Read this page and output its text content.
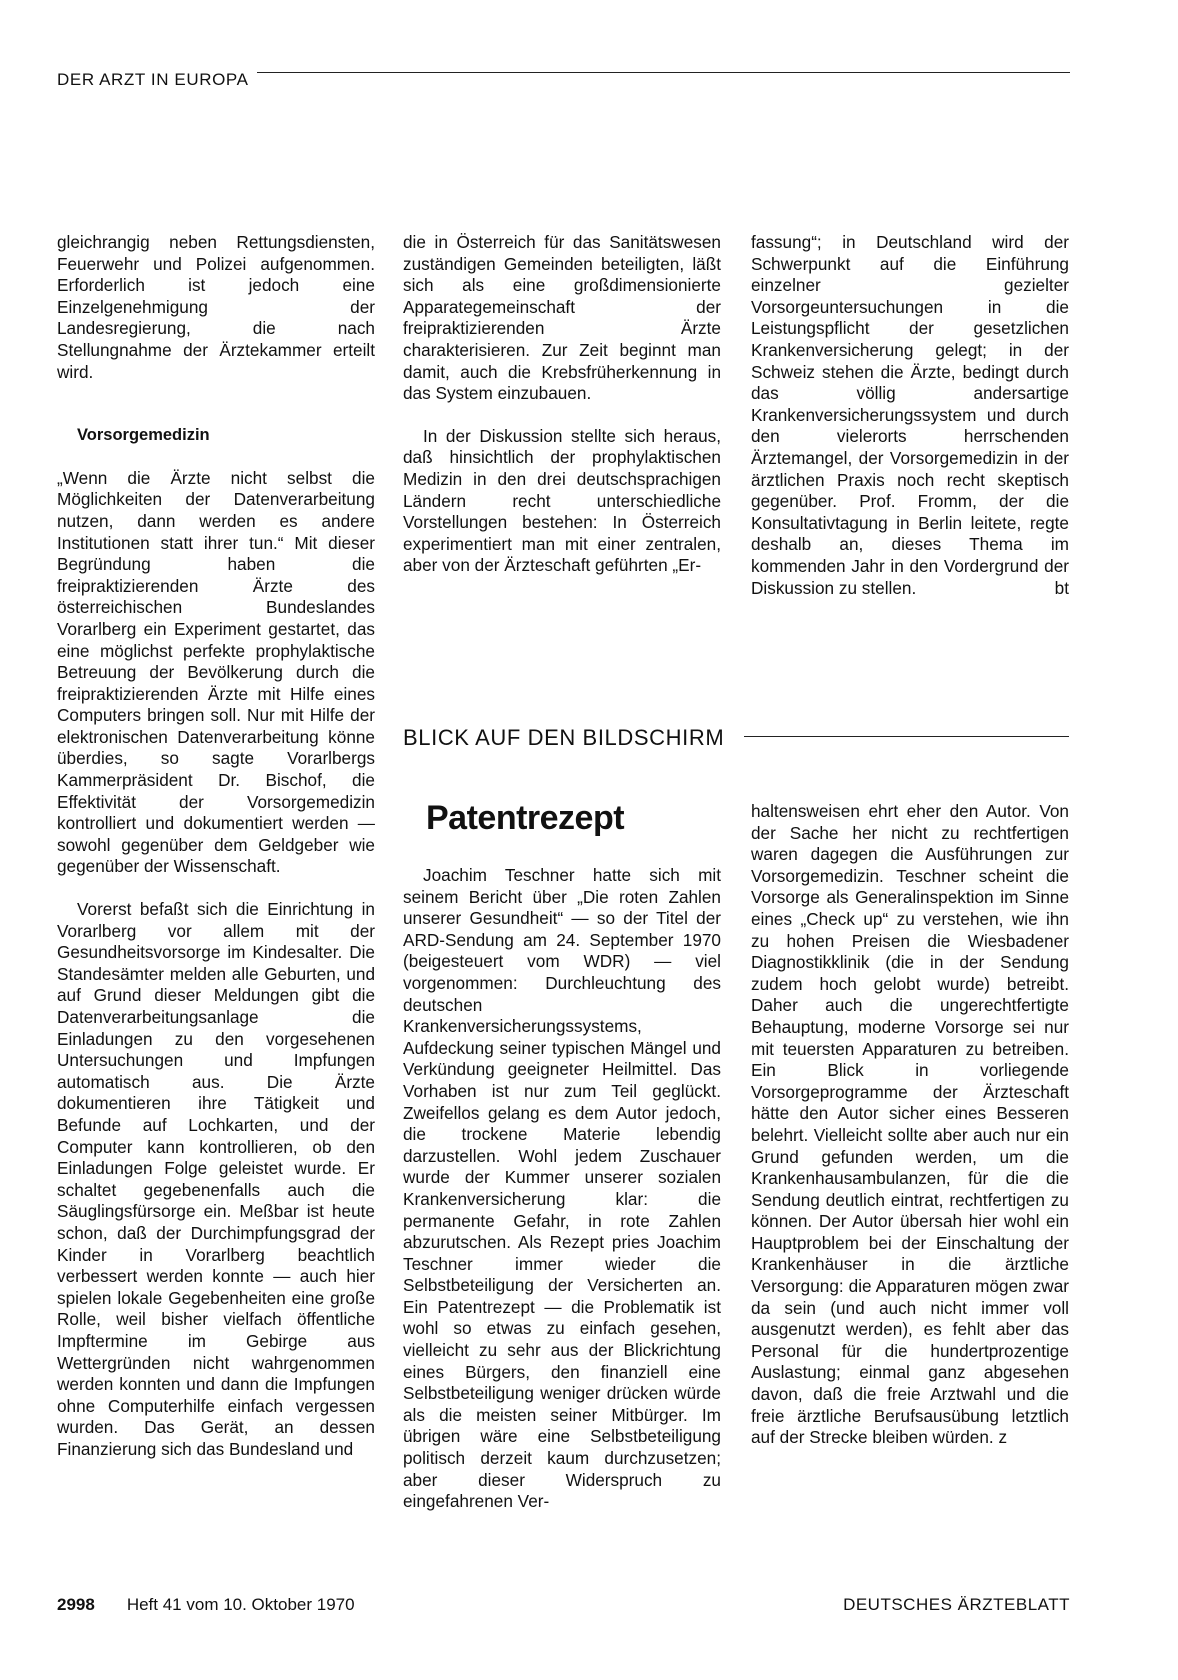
DER ARZT IN EUROPA

gleichrangig neben Rettungsdiensten, Feuerwehr und Polizei aufgenommen. Erforderlich ist jedoch eine Einzelgenehmigung der Landesregierung, die nach Stellungnahme der Ärztekammer erteilt wird.

Vorsorgemedizin

„Wenn die Ärzte nicht selbst die Möglichkeiten der Datenverarbeitung nutzen, dann werden es andere Institutionen statt ihrer tun.“ Mit dieser Begründung haben die freipraktizierenden Ärzte des österreichischen Bundeslandes Vorarlberg ein Experiment gestartet, das eine möglichst perfekte prophylaktische Betreuung der Bevölkerung durch die freipraktizierenden Ärzte mit Hilfe eines Computers bringen soll. Nur mit Hilfe der elektronischen Datenverarbeitung könne überdies, so sagte Vorarlbergs Kammerpräsident Dr. Bischof, die Effektivität der Vorsorgemedizin kontrolliert und dokumentiert werden — sowohl gegenüber dem Geldgeber wie gegenüber der Wissenschaft.

Vorerst befaßt sich die Einrichtung in Vorarlberg vor allem mit der Gesundheitsvorsorge im Kindesalter. Die Standesämter melden alle Geburten, und auf Grund dieser Meldungen gibt die Datenverarbeitungsanlage die Einladungen zu den vorgesehenen Untersuchungen und Impfungen automatisch aus. Die Ärzte dokumentieren ihre Tätigkeit und Befunde auf Lochkarten, und der Computer kann kontrollieren, ob den Einladungen Folge geleistet wurde. Er schaltet gegebenenfalls auch die Säuglingsfürsorge ein. Meßbar ist heute schon, daß der Durchimpfungsgrad der Kinder in Vorarlberg beachtlich verbessert werden konnte — auch hier spielen lokale Gegebenheiten eine große Rolle, weil bisher vielfach öffentliche Impftermine im Gebirge aus Wettergründen nicht wahrgenommen werden konnten und dann die Impfungen ohne Computerhilfe einfach vergessen wurden. Das Gerät, an dessen Finanzierung sich das Bundesland und

die in Österreich für das Sanitätswesen zuständigen Gemeinden beteiligten, läßt sich als eine großdimensionierte Apparategemeinschaft der freipraktizierenden Ärzte charakterisieren. Zur Zeit beginnt man damit, auch die Krebsfrüherkennung in das System einzubauen.

In der Diskussion stellte sich heraus, daß hinsichtlich der prophylaktischen Medizin in den drei deutschsprachigen Ländern recht unterschiedliche Vorstellungen bestehen: In Österreich experimentiert man mit einer zentralen, aber von der Ärzteschaft geführten „Er-

fassung“; in Deutschland wird der Schwerpunkt auf die Einführung einzelner gezielter Vorsorgeuntersuchungen in die Leistungspflicht der gesetzlichen Krankenversicherung gelegt; in der Schweiz stehen die Ärzte, bedingt durch das völlig andersartige Krankenversicherungssystem und durch den vielerorts herrschenden Ärztemangel, der Vorsorgemedizin in der ärztlichen Praxis noch recht skeptisch gegenüber. Prof. Fromm, der die Konsultativtagung in Berlin leitete, regte deshalb an, dieses Thema im kommenden Jahr in den Vordergrund der Diskussion zu stellen.	bt

BLICK AUF DEN BILDSCHIRM
Patentrezept

Joachim Teschner hatte sich mit seinem Bericht über „Die roten Zahlen unserer Gesundheit“ — so der Titel der ARD-Sendung am 24. September 1970 (beigesteuert vom WDR) — viel vorgenommen: Durchleuchtung des deutschen Krankenversicherungssystems, Aufdeckung seiner typischen Mängel und Verkündung geeigneter Heilmittel. Das Vorhaben ist nur zum Teil geglückt. Zweifellos gelang es dem Autor jedoch, die trockene Materie lebendig darzustellen. Wohl jedem Zuschauer wurde der Kummer unserer sozialen Krankenversicherung klar: die permanente Gefahr, in rote Zahlen abzurutschen. Als Rezept pries Joachim Teschner immer wieder die Selbstbeteiligung der Versicherten an. Ein Patentrezept — die Problematik ist wohl so etwas zu einfach gesehen, vielleicht zu sehr aus der Blickrichtung eines Bürgers, den finanziell eine Selbstbeteiligung weniger drücken würde als die meisten seiner Mitbürger. Im übrigen wäre eine Selbstbeteiligung politisch derzeit kaum durchzusetzen; aber dieser Widerspruch zu eingefahrenen Ver-

haltensweisen ehrt eher den Autor. Von der Sache her nicht zu rechtfertigen waren dagegen die Ausführungen zur Vorsorgemedizin. Teschner scheint die Vorsorge als Generalinspektion im Sinne eines „Check up“ zu verstehen, wie ihn zu hohen Preisen die Wiesbadener Diagnostikklinik (die in der Sendung zudem hoch gelobt wurde) betreibt. Daher auch die ungerechtfertigte Behauptung, moderne Vorsorge sei nur mit teuersten Apparaturen zu betreiben. Ein Blick in vorliegende Vorsorgeprogramme der Ärzteschaft hätte den Autor sicher eines Besseren belehrt. Vielleicht sollte aber auch nur ein Grund gefunden werden, um die Krankenhausambulanzen, für die die Sendung deutlich eintrat, rechtfertigen zu können. Der Autor übersah hier wohl ein Hauptproblem bei der Einschaltung der Krankenhäuser in die ärztliche Versorgung: die Apparaturen mögen zwar da sein (und auch nicht immer voll ausgenutzt werden), es fehlt aber das Personal für die hundertprozentige Auslastung; einmal ganz abgesehen davon, daß die freie Arztwahl und die freie ärztliche Berufsausübung letztlich auf der Strecke bleiben würden. z

2998 Heft 41 vom 10. Oktober 1970	DEUTSCHES ÄRZTEBLATT
